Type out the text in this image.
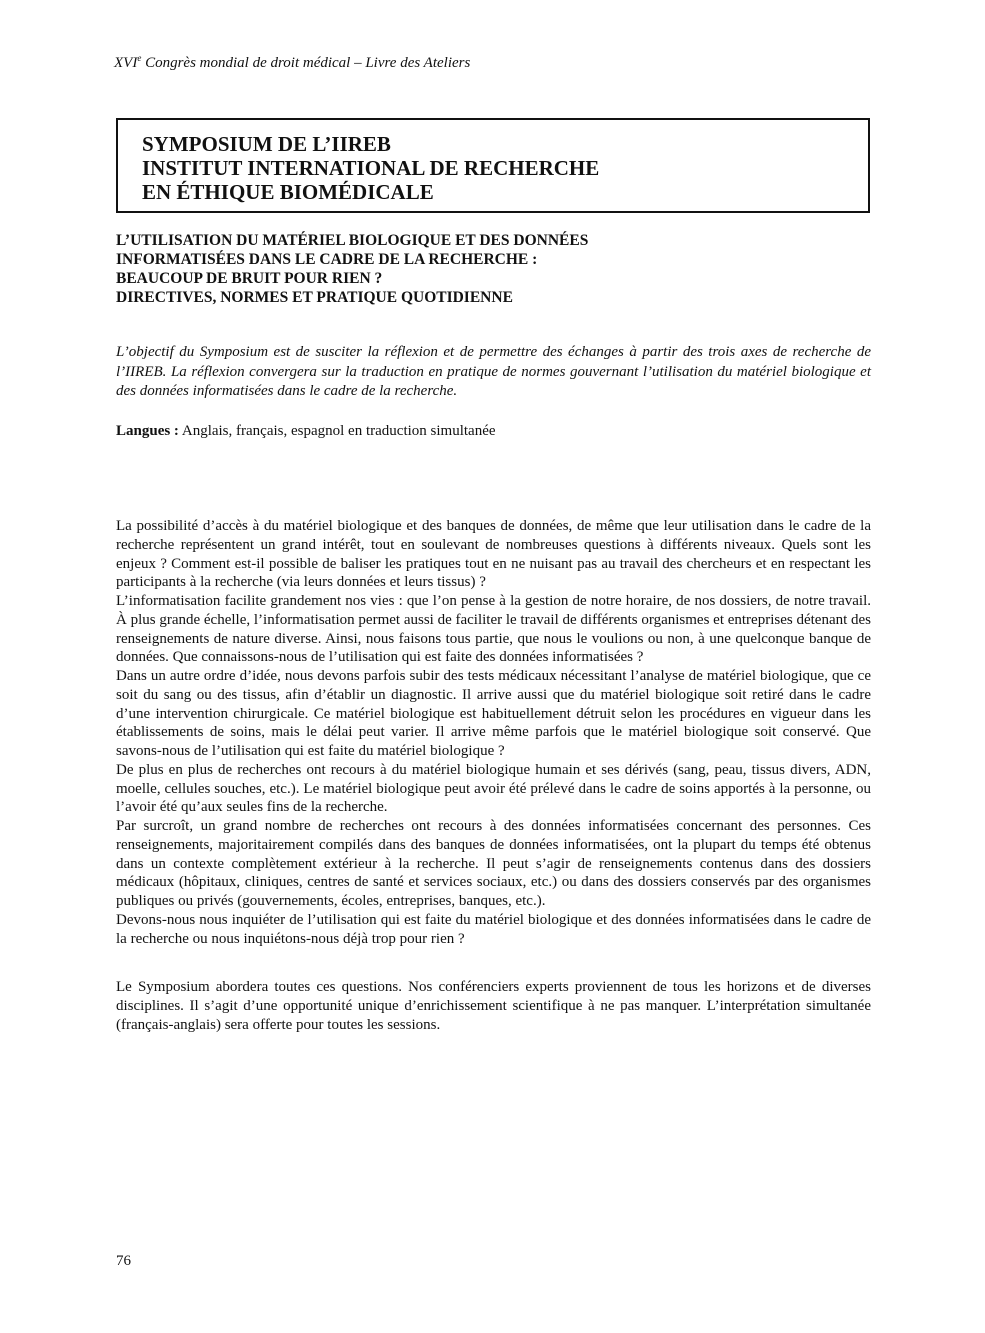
XVIe Congrès mondial de droit médical – Livre des Ateliers
SYMPOSIUM DE L’IIREB
INSTITUT INTERNATIONAL DE RECHERCHE
EN ÉTHIQUE BIOMÉDICALE
L’UTILISATION DU MATÉRIEL BIOLOGIQUE ET DES DONNÉES
INFORMATISÉES DANS LE CADRE DE LA RECHERCHE :
BEAUCOUP DE BRUIT POUR RIEN ?
DIRECTIVES, NORMES ET PRATIQUE QUOTIDIENNE
L’objectif du Symposium est de susciter la réflexion et de permettre des échanges à partir des trois axes de recherche de l’IIREB. La réflexion convergera sur la traduction en pratique de normes gouvernant l’utilisation du matériel biologique et des données informatisées dans le cadre de la recherche.
Langues : Anglais, français, espagnol en traduction simultanée

La possibilité d’accès à du matériel biologique et des banques de données, de même que leur utilisation dans le cadre de la recherche représentent un grand intérêt, tout en soulevant de nombreuses questions à différents niveaux. Quels sont les enjeux ? Comment est-il possible de baliser les pratiques tout en ne nuisant pas au travail des chercheurs et en respectant les participants à la recherche (via leurs données et leurs tissus) ?

L’informatisation facilite grandement nos vies : que l’on pense à la gestion de notre horaire, de nos dossiers, de notre travail. À plus grande échelle, l’informatisation permet aussi de faciliter le travail de différents organismes et entreprises détenant des renseignements de nature diverse. Ainsi, nous faisons tous partie, que nous le voulions ou non, à une quelconque banque de données. Que connaissons-nous de l’utilisation qui est faite des données informatisées ?

Dans un autre ordre d’idée, nous devons parfois subir des tests médicaux nécessitant l’analyse de matériel biologique, que ce soit du sang ou des tissus, afin d’établir un diagnostic. Il arrive aussi que du matériel biologique soit retiré dans le cadre d’une intervention chirurgicale. Ce matériel biologique est habituellement détruit selon les procédures en vigueur dans les établissements de soins, mais le délai peut varier. Il arrive même parfois que le matériel biologique soit conservé. Que savons-nous de l’utilisation qui est faite du matériel biologique ?

De plus en plus de recherches ont recours à du matériel biologique humain et ses dérivés (sang, peau, tissus divers, ADN, moelle, cellules souches, etc.). Le matériel biologique peut avoir été prélevé dans le cadre de soins apportés à la personne, ou l’avoir été qu’aux seules fins de la recherche.

Par surcroît, un grand nombre de recherches ont recours à des données informatisées concernant des personnes. Ces renseignements, majoritairement compilés dans des banques de données informatisées, ont la plupart du temps été obtenus dans un contexte complètement extérieur à la recherche. Il peut s’agir de renseignements contenus dans des dossiers médicaux (hôpitaux, cliniques, centres de santé et services sociaux, etc.) ou dans des dossiers conservés par des organismes publiques ou privés (gouvernements, écoles, entreprises, banques, etc.).

Devons-nous nous inquiéter de l’utilisation qui est faite du matériel biologique et des données informatisées dans le cadre de la recherche ou nous inquiétons-nous déjà trop pour rien ?

Le Symposium abordera toutes ces questions. Nos conférenciers experts proviennent de tous les horizons et de diverses disciplines. Il s’agit d’une opportunité unique d’enrichissement scientifique à ne pas manquer. L’interprétation simultanée (français-anglais) sera offerte pour toutes les sessions.
76
